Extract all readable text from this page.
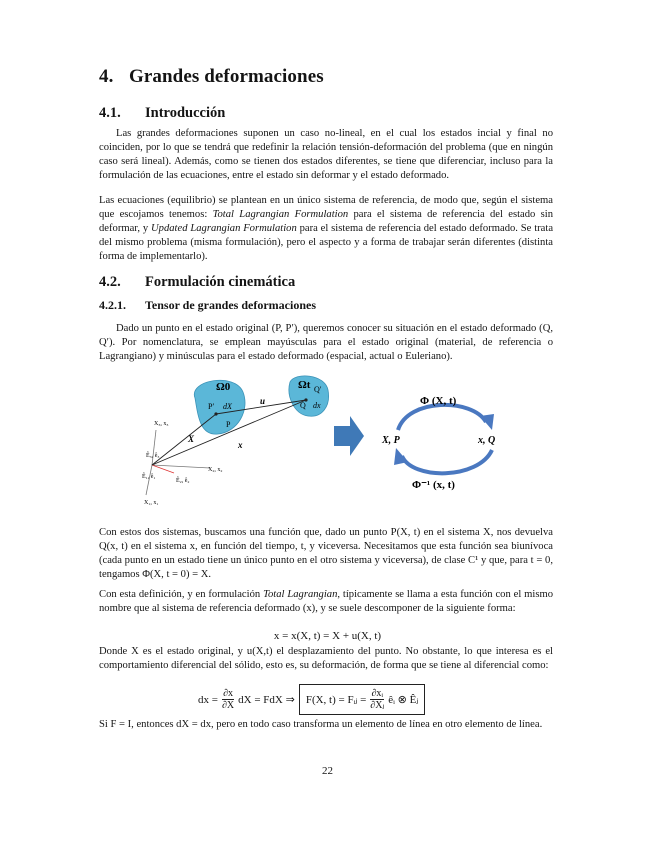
4. Grandes deformaciones
4.1. Introducción

Las grandes deformaciones suponen un caso no-lineal, en el cual los estados incial y final no coinciden, por lo que se tendrá que redefinir la relación tensión-deformación del problema (que en ningún caso será lineal). Además, como se tienen dos estados diferentes, se tiene que diferenciar, incluso para la formulación de las ecuaciones, entre el estado sin deformar y el estado deformado.

Las ecuaciones (equilibrio) se plantean en un único sistema de referencia, de modo que, según el sistema que escojamos tenemos: Total Lagrangian Formulation para el sistema de referencia del estado sin deformar, y Updated Lagrangian Formulation para el sistema de referencia del estado deformado. Se trata del mismo problema (misma formulación), pero el aspecto y a forma de trabajar serán diferentes (distinta forma de implementarlo).

4.2. Formulación cinemática
4.2.1. Tensor de grandes deformaciones

Dado un punto en el estado original (P, P′), queremos conocer su situación en el estado deformado (Q, Q′). Por nomenclatura, se emplean mayúsculas para el estado original (material, de referencia o Lagrangiano) y minúsculas para el estado deformado (espacial, actual o Euleriano).

Ω0	Ωt
P′ dX
P
Q′
Q dx
u
X
x
X₃, x₃
X₂, x₂
X₁, x₁
Ê₃, ê₃
Ê₁, ê₁
Ê₂, ê₂
Φ (X, t)
Φ⁻¹ (x, t)
X, P	x, Q

Con estos dos sistemas, buscamos una función que, dado un punto P(X, t) en el sistema X, nos devuelva Q(x, t) en el sistema x, en función del tiempo, t, y viceversa. Necesitamos que esta función sea biunívoca (cada punto en un estado tiene un único punto en el otro sistema y viceversa), de clase C¹ y que, para t = 0, tengamos Φ(X, t = 0) = X.

Con esta definición, y en formulación Total Lagrangian, típicamente se llama a esta función con el mismo nombre que al sistema de referencia deformado (x), y se suele descomponer de la siguiente forma:

x = x(X, t) = X + u(X, t)

Donde X es el estado original, y u(X,t) el desplazamiento del punto. No obstante, lo que interesa es el comportamiento diferencial del sólido, esto es, su deformación, de forma que se tiene al diferencial como:

dx = $\frac{\partial x}{\partial X}$ dX = FdX ⇒ F(X, t) = Fᵢⱼ = $\frac{\text{∂xᵢ}}{\text{∂Xⱼ}}$ êᵢ ⊗ Êⱼ

Si F = I, entonces dX = dx, pero en todo caso transforma un elemento de línea en otro elemento de línea.

22
